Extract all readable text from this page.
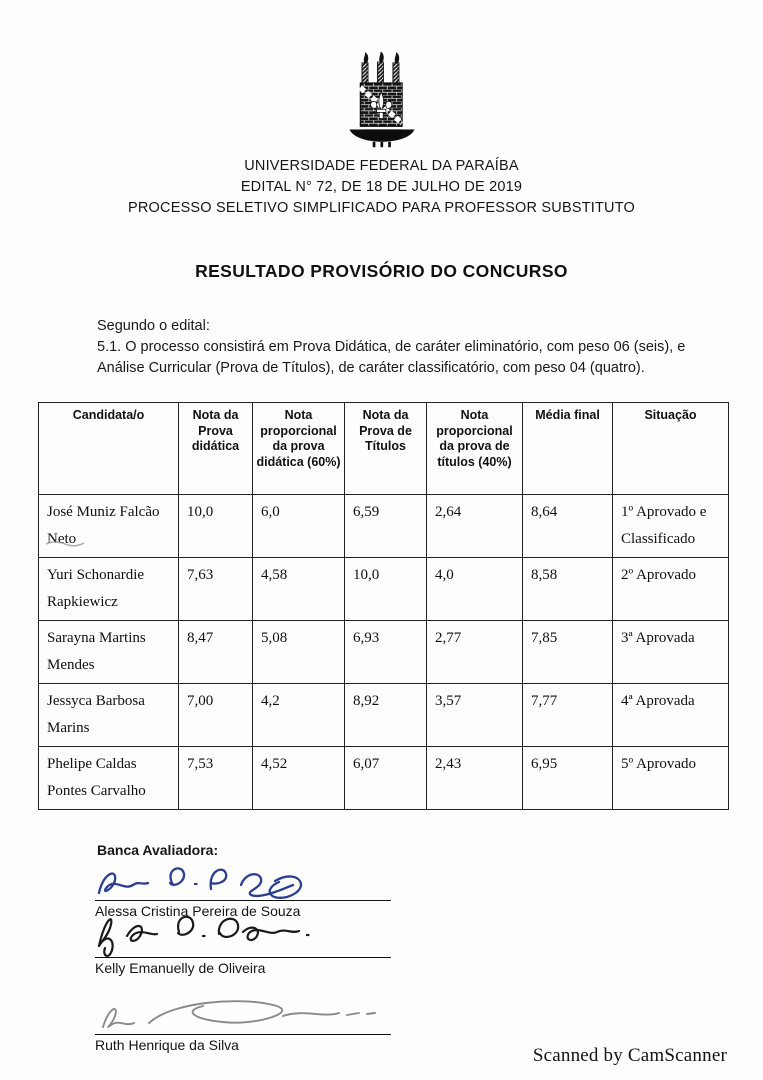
UNIVERSIDADE FEDERAL DA PARAÍBA
EDITAL N° 72, DE 18 DE JULHO DE 2019
PROCESSO SELETIVO SIMPLIFICADO PARA PROFESSOR SUBSTITUTO
RESULTADO PROVISÓRIO DO CONCURSO
Segundo o edital:
5.1. O processo consistirá em Prova Didática, de caráter eliminatório, com peso 06 (seis), e
Análise Curricular (Prova de Títulos), de caráter classificatório, com peso 04 (quatro).
Candidata/o	Nota da Prova didática	Nota proporcional da prova didática (60%)	Nota da Prova de Títulos	Nota proporcional da prova de títulos (40%)	Média final	Situação
José Muniz Falcão Neto	10,0	6,0	6,59	2,64	8,64	1º Aprovado e Classificado
Yuri Schonardie Rapkiewicz	7,63	4,58	10,0	4,0	8,58	2º Aprovado
Sarayna Martins Mendes	8,47	5,08	6,93	2,77	7,85	3ª Aprovada
Jessyca Barbosa Marins	7,00	4,2	8,92	3,57	7,77	4ª Aprovada
Phelipe Caldas Pontes Carvalho	7,53	4,52	6,07	2,43	6,95	5º Aprovado
Banca Avaliadora:
Alessa Cristina Pereira de Souza
Kelly Emanuelly de Oliveira
Ruth Henrique da Silva	Scanned by CamScanner
